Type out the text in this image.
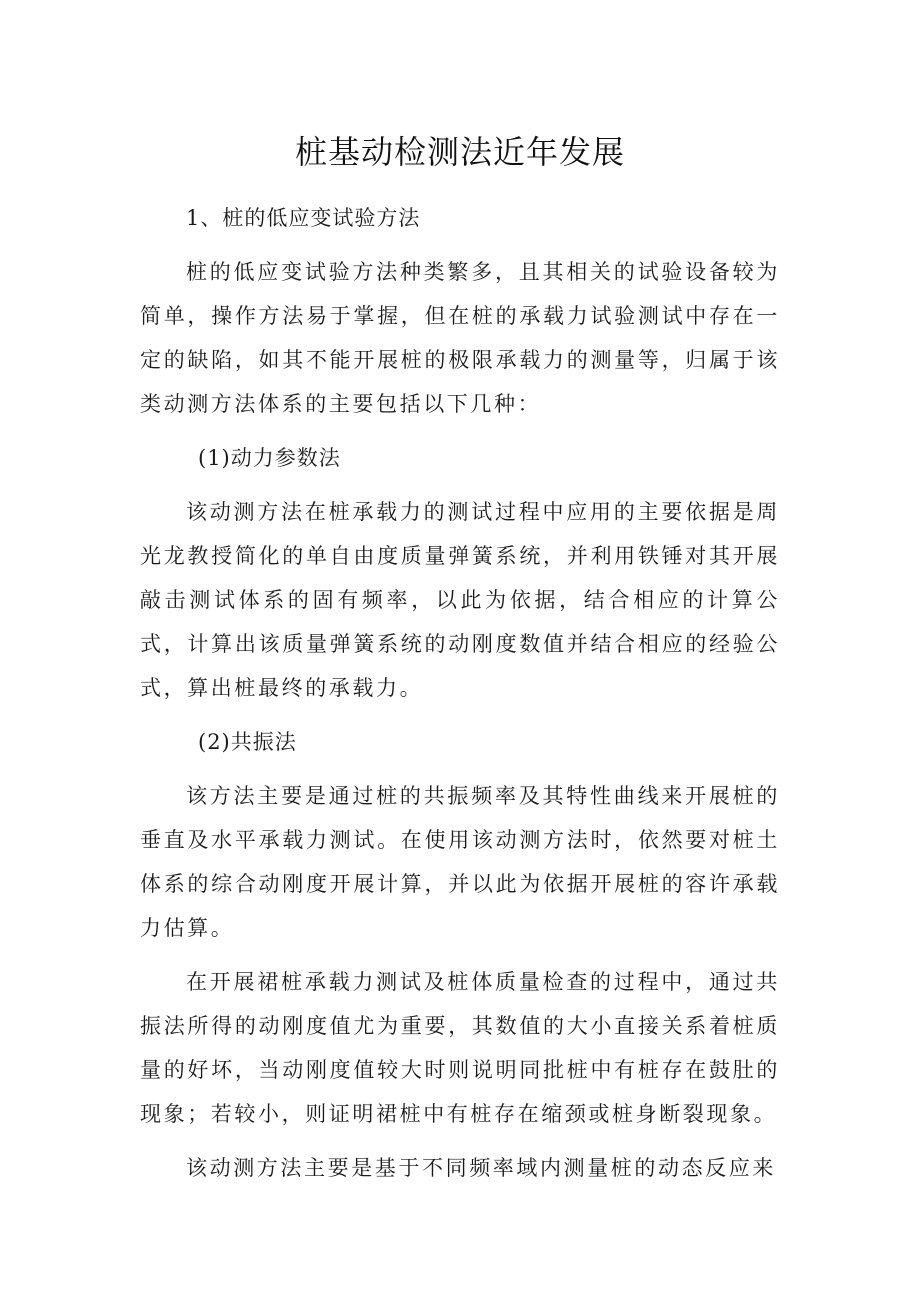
桩基动检测法近年发展

1、桩的低应变试验方法

桩的低应变试验方法种类繁多，且其相关的试验设备较为简单，操作方法易于掌握，但在桩的承载力试验测试中存在一定的缺陷，如其不能开展桩的极限承载力的测量等，归属于该类动测方法体系的主要包括以下几种：

(1)动力参数法

该动测方法在桩承载力的测试过程中应用的主要依据是周光龙教授简化的单自由度质量弹簧系统，并利用铁锤对其开展敲击测试体系的固有频率，以此为依据，结合相应的计算公式，计算出该质量弹簧系统的动刚度数值并结合相应的经验公式，算出桩最终的承载力。

(2)共振法

该方法主要是通过桩的共振频率及其特性曲线来开展桩的垂直及水平承载力测试。在使用该动测方法时，依然要对桩土体系的综合动刚度开展计算，并以此为依据开展桩的容许承载力估算。

在开展裙桩承载力测试及桩体质量检查的过程中，通过共振法所得的动刚度值尤为重要，其数值的大小直接关系着桩质量的好坏，当动刚度值较大时则说明同批桩中有桩存在鼓肚的现象；若较小，则证明裙桩中有桩存在缩颈或桩身断裂现象。

该动测方法主要是基于不同频率域内测量桩的动态反应来
